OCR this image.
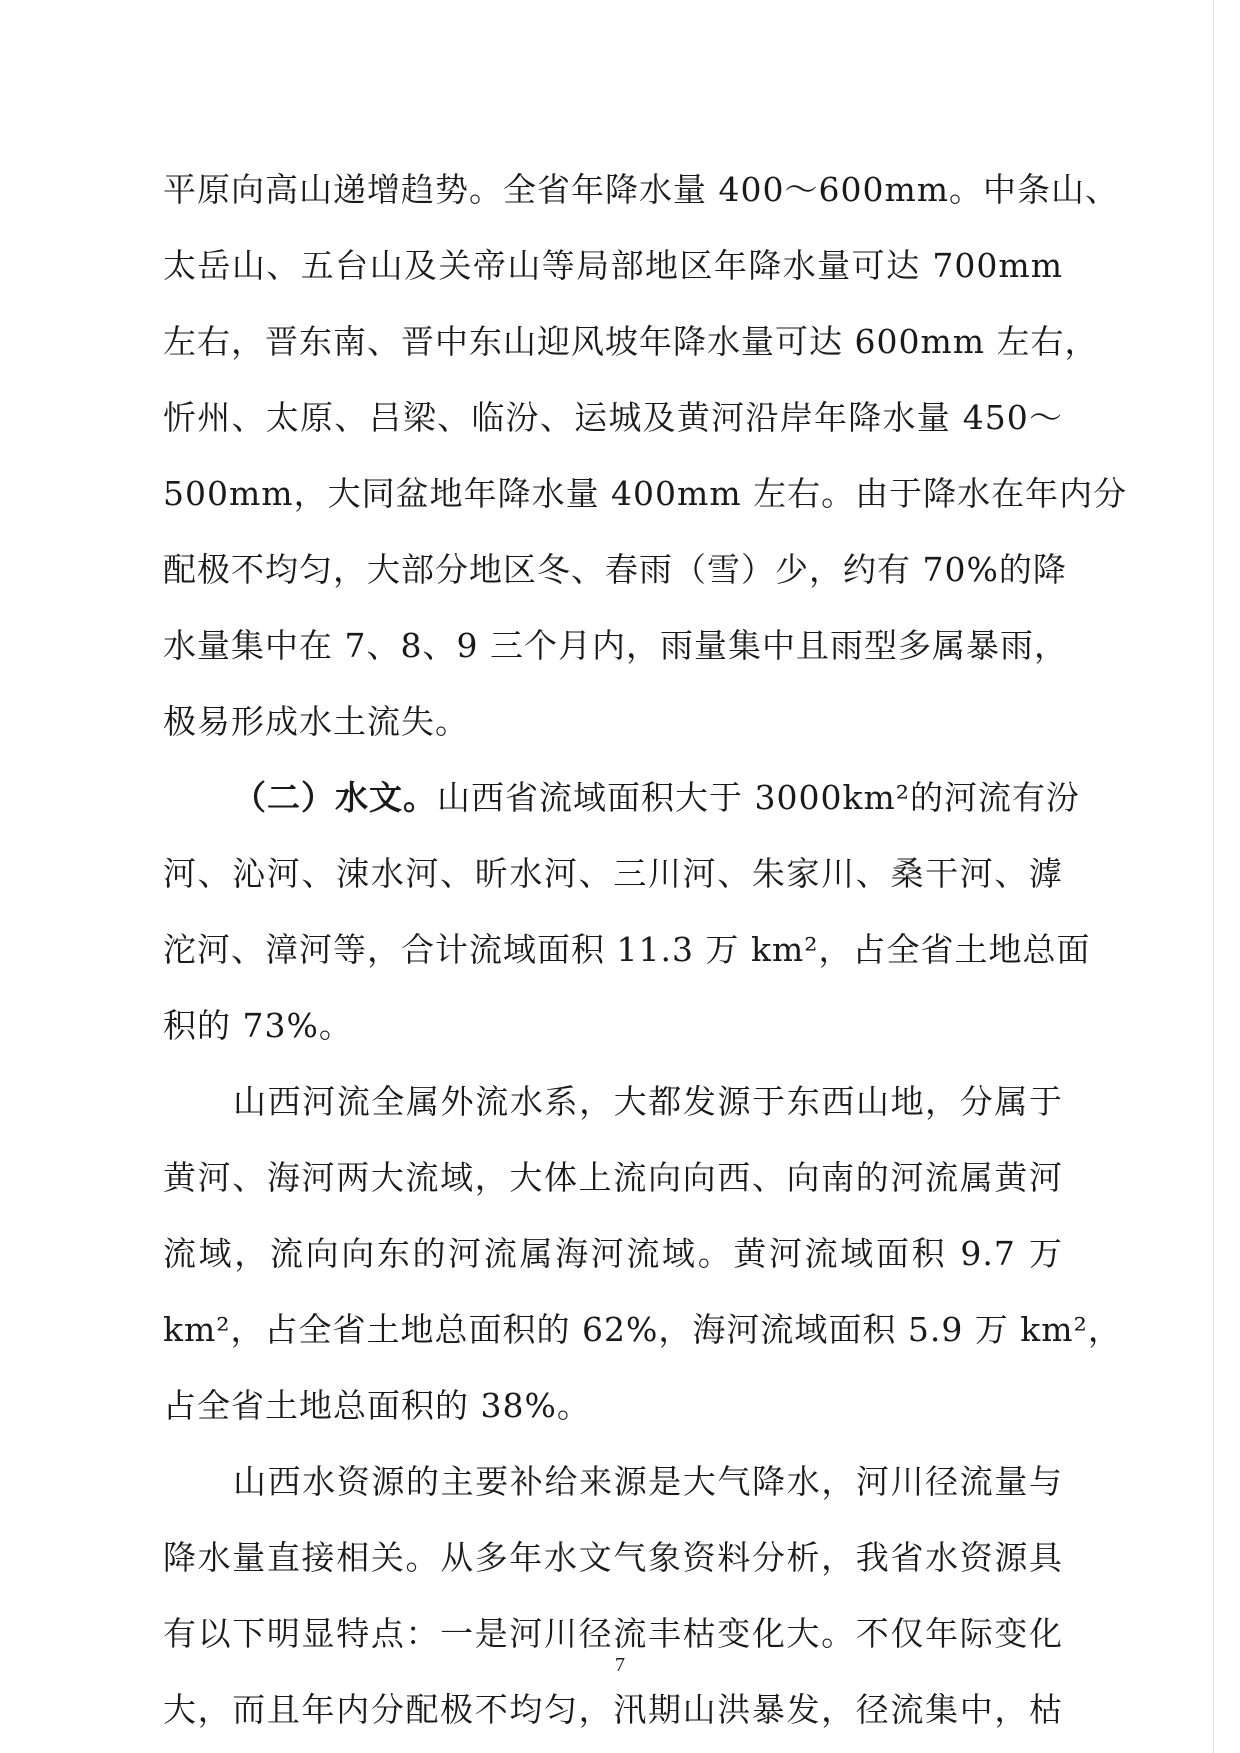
平原向高山递增趋势。全省年降水量 400～600mm。中条山、
太岳山、五台山及关帝山等局部地区年降水量可达 700mm
左右，晋东南、晋中东山迎风坡年降水量可达 600mm 左右，
忻州、太原、吕梁、临汾、运城及黄河沿岸年降水量 450～
500mm，大同盆地年降水量 400mm 左右。由于降水在年内分
配极不均匀，大部分地区冬、春雨（雪）少，约有 70%的降
水量集中在 7、8、9 三个月内，雨量集中且雨型多属暴雨，
极易形成水土流失。
（二）水文。山西省流域面积大于 3000km²的河流有汾
河、沁河、涑水河、昕水河、三川河、朱家川、桑干河、滹
沱河、漳河等，合计流域面积 11.3 万 km²，占全省土地总面
积的 73%。
山西河流全属外流水系，大都发源于东西山地，分属于
黄河、海河两大流域，大体上流向向西、向南的河流属黄河
流域，流向向东的河流属海河流域。黄河流域面积 9.7 万
km²，占全省土地总面积的 62%，海河流域面积 5.9 万 km²，
占全省土地总面积的 38%。
山西水资源的主要补给来源是大气降水，河川径流量与
降水量直接相关。从多年水文气象资料分析，我省水资源具
有以下明显特点：一是河川径流丰枯变化大。不仅年际变化
大，而且年内分配极不均匀，汛期山洪暴发，径流集中，枯
7
